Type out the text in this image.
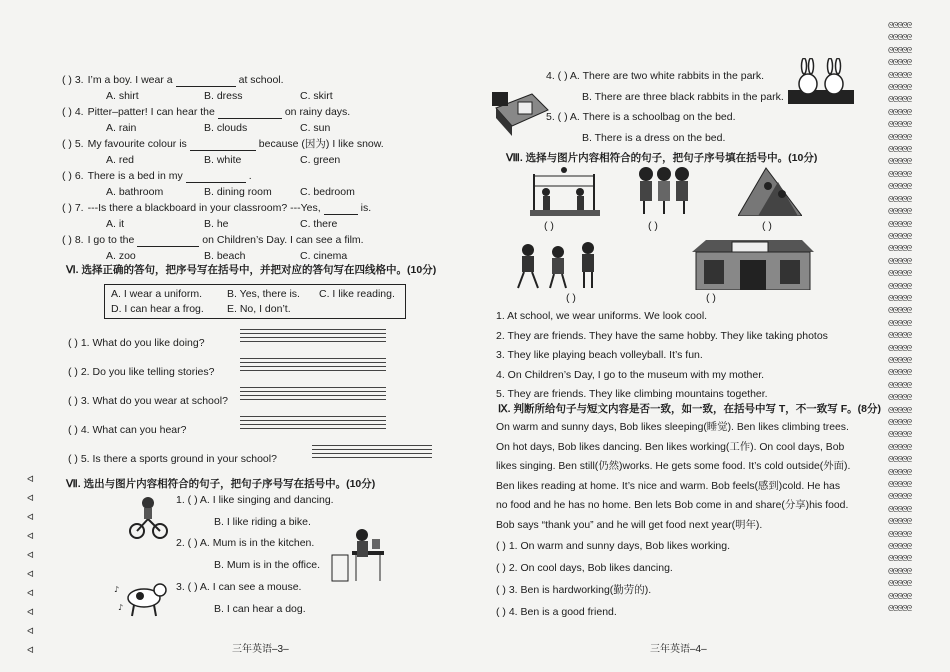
( ) 3. I’m a boy. I wear a	at school.
A. shirt	B. dress	C. skirt
( ) 4. Pitter–patter! I can hear the	on rainy days.
A. rain	B. clouds	C. sun
( ) 5. My favourite colour is	because (因为) I like snow.
A. red	B. white	C. green
( ) 6. There is a bed in my	.
A. bathroom	B. dining room	C. bedroom
( ) 7. ---Is there a blackboard in your classroom? ---Yes,	is.
A. it	B. he	C. there
( ) 8. I go to the	on Children’s Day. I can see a film.
A. zoo	B. beach	C. cinema
Ⅵ. 选择正确的答句，把序号写在括号中，并把对应的答句写在四线格中。(10分)
A. I wear a uniform. B. Yes, there is. C. I like reading.
D. I can hear a frog. E. No, I don’t.
( ) 1. What do you like doing?
( ) 2. Do you like telling stories?
( ) 3. What do you wear at school?
( ) 4. What can you hear?
( ) 5. Is there a sports ground in your school?
Ⅶ. 选出与图片内容相符合的句子，把句子序号写在括号中。(10分)
♪
♪
1. ( ) A. I like singing and dancing.
B. I like riding a bike.
2. ( ) A. Mum is in the kitchen.
B. Mum is in the office.
3. ( ) A. I can see a mouse.
B. I can hear a dog.
三年英语–3–
ᐊ
ᐊ
ᐊ
ᐊ
ᐊ
ᐊ
ᐊ
ᐊ
ᐊ
ᐊ
4. ( ) A. There are two white rabbits in the park.
B. There are three black rabbits in the park.
5. ( ) A. There is a schoolbag on the bed.
B. There is a dress on the bed.
Ⅷ. 选择与图片内容相符合的句子，把句子序号填在括号中。(10分)
( )	( )	( )
( )	( )
1. At school, we wear uniforms. We look cool.
2. They are friends. They have the same hobby. They like taking photos
3. They like playing beach volleyball. It’s fun.
4. On Children’s Day, I go to the museum with my mother.
5. They are friends. They like climbing mountains together.
Ⅸ. 判断所给句子与短文内容是否一致，如一致，在括号中写 T，不一致写 F。(8分)
On warm and sunny days, Bob likes sleeping(睡觉). Ben likes climbing trees.
On hot days, Bob likes dancing. Ben likes working(工作). On cool days, Bob
likes singing. Ben still(仍然)works. He gets some food. It’s cold outside(外面).
Ben likes reading at home. It’s nice and warm. Bob feels(感到)cold. He has
no food and he has no home. Ben lets Bob come in and share(分享)his food.
Bob says “thank you” and he will get food next year(明年).
( ) 1. On warm and sunny days, Bob likes working.
( ) 2. On cool days, Bob likes dancing.
( ) 3. Ben is hardworking(勤劳的).
( ) 4. Ben is a good friend.
三年英语–4–
ᘓᘓᘓᘓᘓ
ᘓᘓᘓᘓᘓ
ᘓᘓᘓᘓᘓ
ᘓᘓᘓᘓᘓ
ᘓᘓᘓᘓᘓ
ᘓᘓᘓᘓᘓ
ᘓᘓᘓᘓᘓ
ᘓᘓᘓᘓᘓ
ᘓᘓᘓᘓᘓ
ᘓᘓᘓᘓᘓ
ᘓᘓᘓᘓᘓ
ᘓᘓᘓᘓᘓ
ᘓᘓᘓᘓᘓ
ᘓᘓᘓᘓᘓ
ᘓᘓᘓᘓᘓ
ᘓᘓᘓᘓᘓ
ᘓᘓᘓᘓᘓ
ᘓᘓᘓᘓᘓ
ᘓᘓᘓᘓᘓ
ᘓᘓᘓᘓᘓ
ᘓᘓᘓᘓᘓ
ᘓᘓᘓᘓᘓ
ᘓᘓᘓᘓᘓ
ᘓᘓᘓᘓᘓ
ᘓᘓᘓᘓᘓ
ᘓᘓᘓᘓᘓ
ᘓᘓᘓᘓᘓ
ᘓᘓᘓᘓᘓ
ᘓᘓᘓᘓᘓ
ᘓᘓᘓᘓᘓ
ᘓᘓᘓᘓᘓ
ᘓᘓᘓᘓᘓ
ᘓᘓᘓᘓᘓ
ᘓᘓᘓᘓᘓ
ᘓᘓᘓᘓᘓ
ᘓᘓᘓᘓᘓ
ᘓᘓᘓᘓᘓ
ᘓᘓᘓᘓᘓ
ᘓᘓᘓᘓᘓ
ᘓᘓᘓᘓᘓ
ᘓᘓᘓᘓᘓ
ᘓᘓᘓᘓᘓ
ᘓᘓᘓᘓᘓ
ᘓᘓᘓᘓᘓ
ᘓᘓᘓᘓᘓ
ᘓᘓᘓᘓᘓ
ᘓᘓᘓᘓᘓ
ᘓᘓᘓᘓᘓ
